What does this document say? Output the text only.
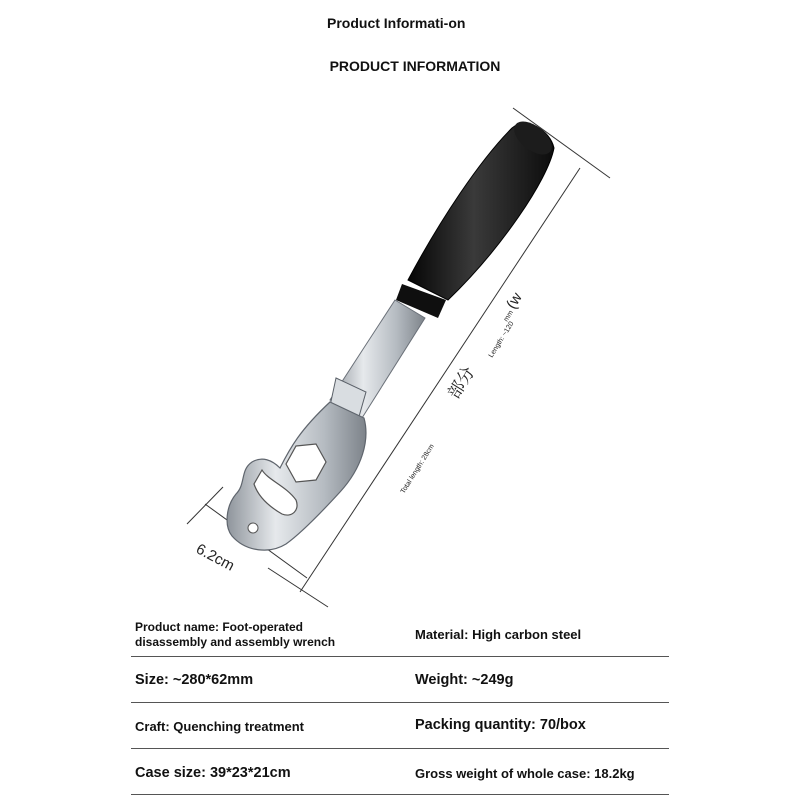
Product Informati-on
PRODUCT INFORMATION
6.2cm
部分
(w
mm
Length: ~120
Total length: 28cm
Product name: Foot-operated disassembly and assembly wrench	Material: High carbon steel
Size: ~280*62mm	Weight: ~249g
Craft: Quenching treatment	Packing quantity: 70/box
Case size: 39*23*21cm	Gross weight of whole case: 18.2kg
